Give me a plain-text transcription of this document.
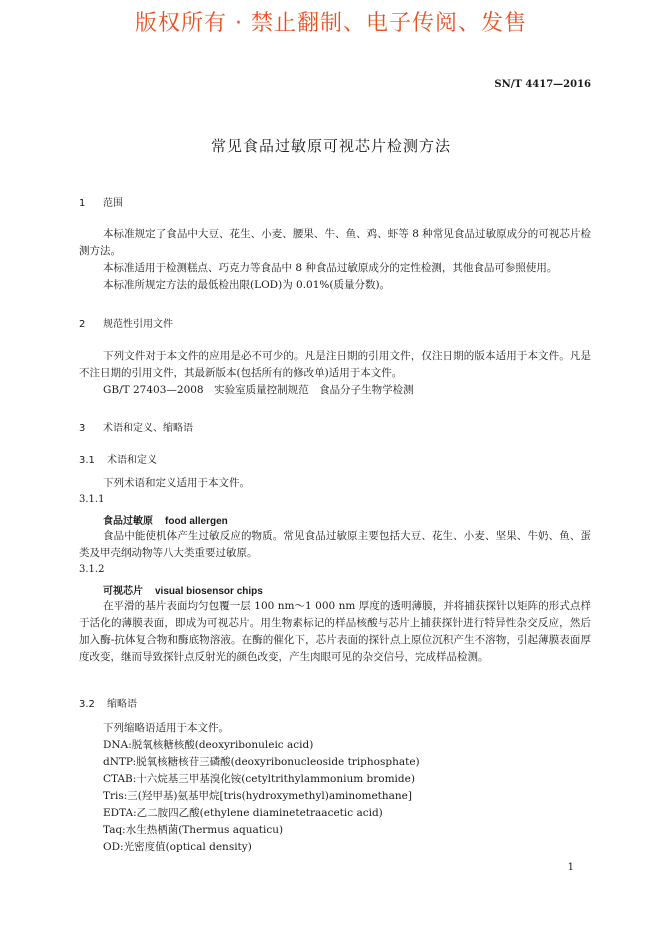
版权所有 · 禁止翻制、电子传阅、发售
SN/T 4417—2016
常见食品过敏原可视芯片检测方法
1 范围
本标准规定了食品中大豆、花生、小麦、腰果、牛、鱼、鸡、虾等 8 种常见食品过敏原成分的可视芯片检测方法。
本标准适用于检测糕点、巧克力等食品中 8 种食品过敏原成分的定性检测，其他食品可参照使用。
本标准所规定方法的最低检出限(LOD)为 0.01%(质量分数)。
2 规范性引用文件
下列文件对于本文件的应用是必不可少的。凡是注日期的引用文件，仅注日期的版本适用于本文件。凡是不注日期的引用文件，其最新版本(包括所有的修改单)适用于本文件。
GB/T 27403—2008　实验室质量控制规范　食品分子生物学检测
3 术语和定义、缩略语
3.1 术语和定义
下列术语和定义适用于本文件。
3.1.1
食品过敏原 food allergen
食品中能使机体产生过敏反应的物质。常见食品过敏原主要包括大豆、花生、小麦、坚果、牛奶、鱼、蛋类及甲壳纲动物等八大类重要过敏原。
3.1.2
可视芯片 visual biosensor chips
在平滑的基片表面均匀包覆一层 100 nm～1 000 nm 厚度的透明薄膜，并将捕获探针以矩阵的形式点样于活化的薄膜表面，即成为可视芯片。用生物素标记的样品核酸与芯片上捕获探针进行特异性杂交反应，然后加入酶-抗体复合物和酶底物溶液。在酶的催化下，芯片表面的探针点上原位沉积产生不溶物，引起薄膜表面厚度改变，继而导致探针点反射光的颜色改变，产生肉眼可见的杂交信号，完成样品检测。
3.2 缩略语
下列缩略语适用于本文件。
DNA:脱氧核糖核酸(deoxyribonuleic acid)
dNTP:脱氧核糖核苷三磷酸(deoxyribonucleoside triphosphate)
CTAB:十六烷基三甲基溴化铵(cetyltrithylammonium bromide)
Tris:三(羟甲基)氨基甲烷[tris(hydroxymethyl)aminomethane]
EDTA:乙二胺四乙酸(ethylene diaminetetraacetic acid)
Taq:水生热栖菌(Thermus aquaticu)
OD:光密度值(optical density)
1
